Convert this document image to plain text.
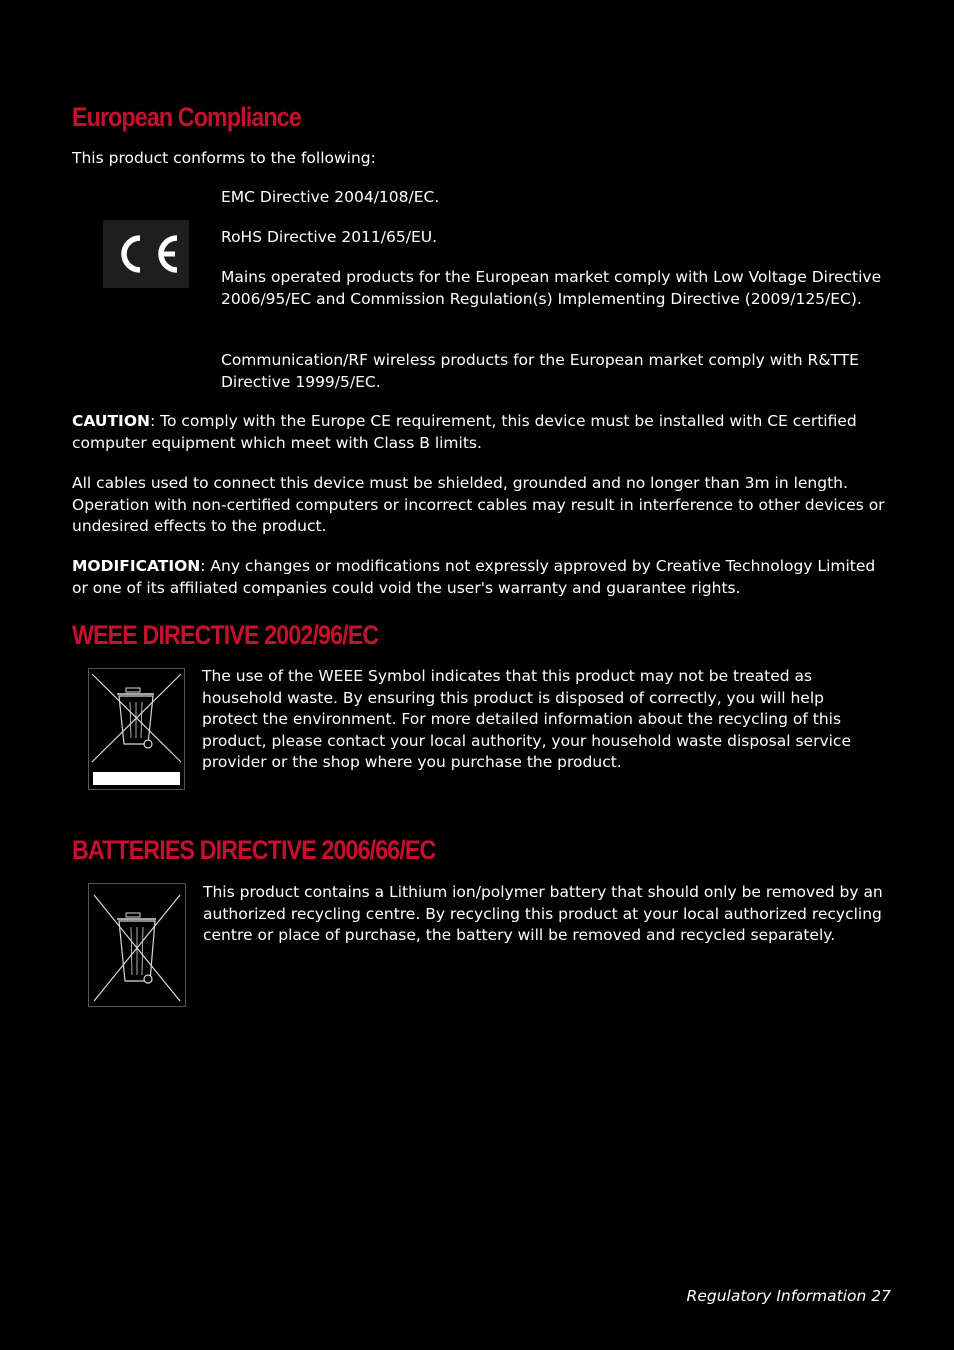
European Compliance

This product conforms to the following:

EMC Directive 2004/108/EC.

RoHS Directive 2011/65/EU.

Mains operated products for the European market comply with Low Voltage Directive 2006/95/EC and Commission Regulation(s) Implementing Directive (2009/125/EC).

Communication/RF wireless products for the European market comply with R&TTE Directive 1999/5/EC.

CAUTION: To comply with the Europe CE requirement, this device must be installed with CE certified computer equipment which meet with Class B limits.

All cables used to connect this device must be shielded, grounded and no longer than 3m in length. Operation with non-certified computers or incorrect cables may result in interference to other devices or undesired effects to the product.

MODIFICATION: Any changes or modifications not expressly approved by Creative Technology Limited or one of its affiliated companies could void the user's warranty and guarantee rights.

WEEE DIRECTIVE 2002/96/EC

The use of the WEEE Symbol indicates that this product may not be treated as household waste. By ensuring this product is disposed of correctly, you will help protect the environment. For more detailed information about the recycling of this product, please contact your local authority, your household waste disposal service provider or the shop where you purchase the product.

BATTERIES DIRECTIVE 2006/66/EC

This product contains a Lithium ion/polymer battery that should only be removed by an authorized recycling centre. By recycling this product at your local authorized recycling centre or place of purchase, the battery will be removed and recycled separately.

Regulatory Information 27
